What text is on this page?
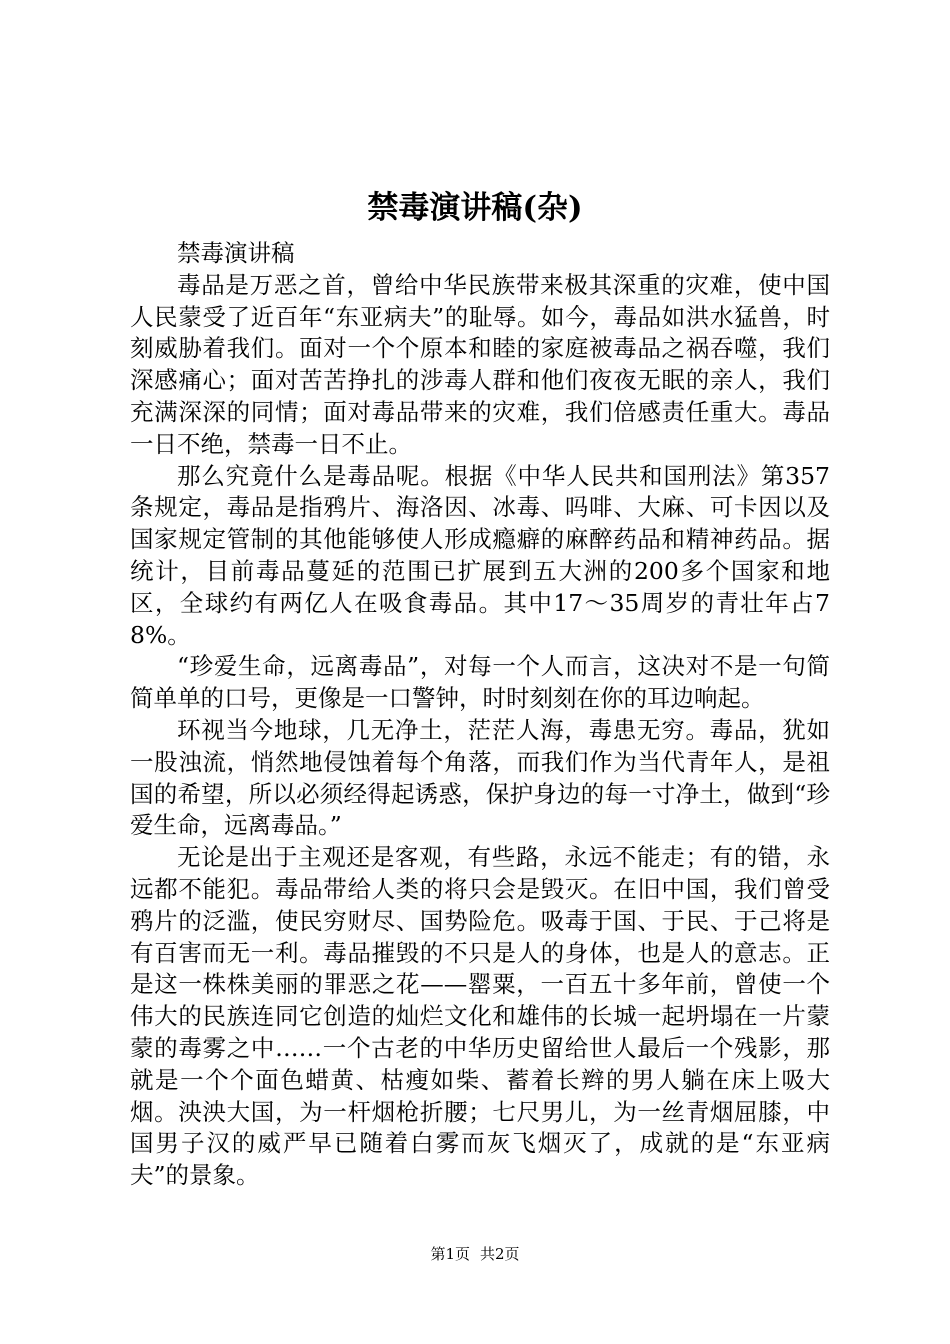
禁毒演讲稿(杂)

禁毒演讲稿

毒品是万恶之首，曾给中华民族带来极其深重的灾难，使中国人民蒙受了近百年“东亚病夫”的耻辱。如今，毒品如洪水猛兽，时刻威胁着我们。面对一个个原本和睦的家庭被毒品之祸吞噬，我们深感痛心；面对苦苦挣扎的涉毒人群和他们夜夜无眠的亲人，我们充满深深的同情；面对毒品带来的灾难，我们倍感责任重大。毒品一日不绝，禁毒一日不止。

那么究竟什么是毒品呢。根据《中华人民共和国刑法》第357条规定，毒品是指鸦片、海洛因、冰毒、吗啡、大麻、可卡因以及国家规定管制的其他能够使人形成瘾癖的麻醉药品和精神药品。据统计，目前毒品蔓延的范围已扩展到五大洲的200多个国家和地区，全球约有两亿人在吸食毒品。其中17～35周岁的青壮年占78%。

“珍爱生命，远离毒品”，对每一个人而言，这决对不是一句简简单单的口号，更像是一口警钟，时时刻刻在你的耳边响起。

环视当今地球，几无净土，茫茫人海，毒患无穷。毒品，犹如一股浊流，悄然地侵蚀着每个角落，而我们作为当代青年人，是祖国的希望，所以必须经得起诱惑，保护身边的每一寸净土，做到“珍爱生命，远离毒品。”

无论是出于主观还是客观，有些路，永远不能走；有的错，永远都不能犯。毒品带给人类的将只会是毁灭。在旧中国，我们曾受鸦片的泛滥，使民穷财尽、国势险危。吸毒于国、于民、于己将是有百害而无一利。毒品摧毁的不只是人的身体，也是人的意志。正是这一株株美丽的罪恶之花——罂粟，一百五十多年前，曾使一个伟大的民族连同它创造的灿烂文化和雄伟的长城一起坍塌在一片蒙蒙的毒雾之中……一个古老的中华历史留给世人最后一个残影，那就是一个个面色蜡黄、枯瘦如柴、蓄着长辫的男人躺在床上吸大烟。泱泱大国，为一杆烟枪折腰；七尺男儿，为一丝青烟屈膝，中国男子汉的威严早已随着白雾而灰飞烟灭了，成就的是“东亚病夫”的景象。

第1页 共2页
